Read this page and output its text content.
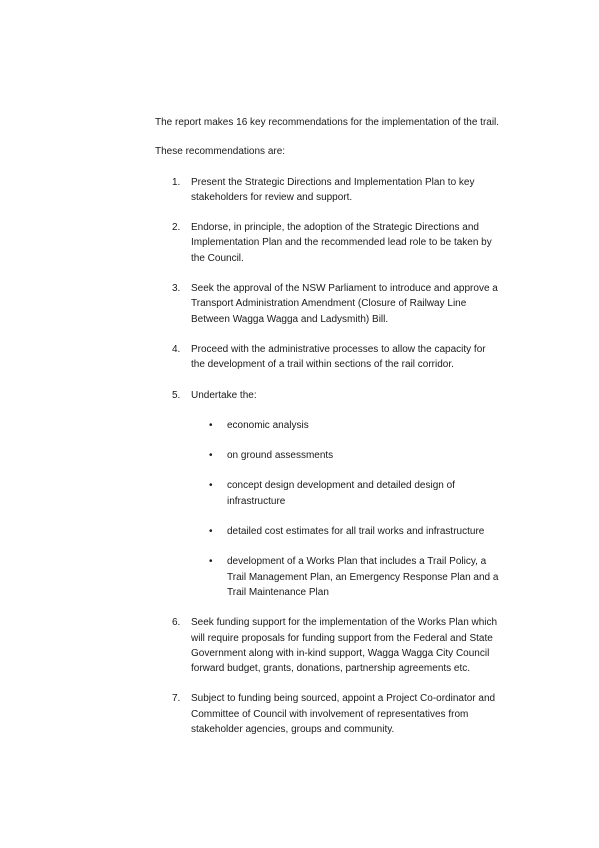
The report makes 16 key recommendations for the implementation of the trail.

These recommendations are:

1. Present the Strategic Directions and Implementation Plan to key stakeholders for review and support.
2. Endorse, in principle, the adoption of the Strategic Directions and Implementation Plan and the recommended lead role to be taken by the Council.
3. Seek the approval of the NSW Parliament to introduce and approve a Transport Administration Amendment (Closure of Railway Line Between Wagga Wagga and Ladysmith) Bill.
4. Proceed with the administrative processes to allow the capacity for the development of a trail within sections of the rail corridor.
5. Undertake the:
• economic analysis
• on ground assessments
• concept design development and detailed design of infrastructure
• detailed cost estimates for all trail works and infrastructure
• development of a Works Plan that includes a Trail Policy, a Trail Management Plan, an Emergency Response Plan and a Trail Maintenance Plan
6. Seek funding support for the implementation of the Works Plan which will require proposals for funding support from the Federal and State Government along with in-kind support, Wagga Wagga City Council forward budget, grants, donations, partnership agreements etc.
7. Subject to funding being sourced, appoint a Project Co-ordinator and Committee of Council with involvement of representatives from stakeholder agencies, groups and community.
